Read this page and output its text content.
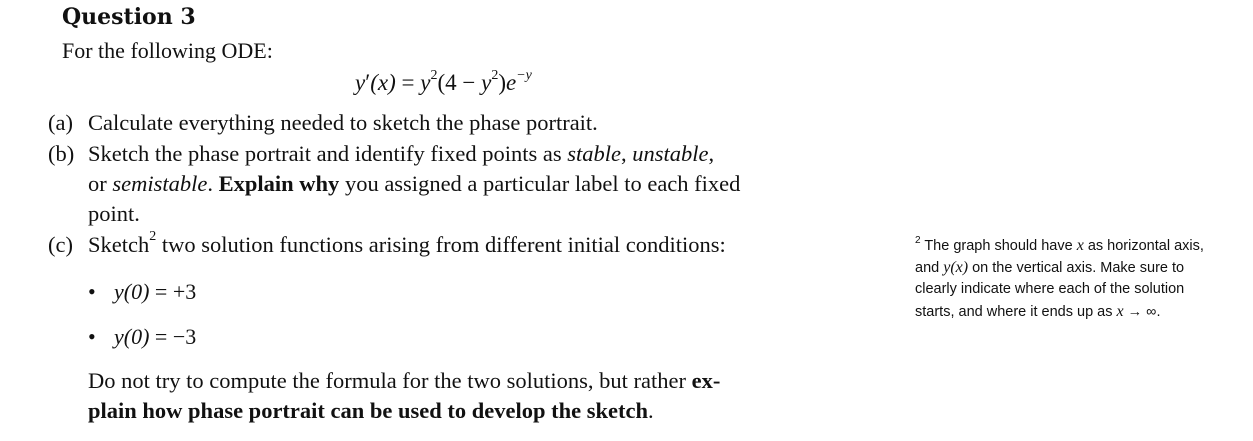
Question 3
For the following ODE:
$y'(x) = y^2(4 - y^2)e^{-y}$
(a) Calculate everything needed to sketch the phase portrait.
(b) Sketch the phase portrait and identify fixed points as stable, unstable,
or semistable. Explain why you assigned a particular label to each fixed
point.
(c) Sketch$^2$ two solution functions arising from different initial conditions:
• y(0) = +3
• y(0) = −3
Do not try to compute the formula for the two solutions, but rather ex-
plain how phase portrait can be used to develop the sketch.
$^2$ The graph should have x as horizontal axis,
and y(x) on the vertical axis. Make sure to
clearly indicate where each of the solution
starts, and where it ends up as x → ∞.
